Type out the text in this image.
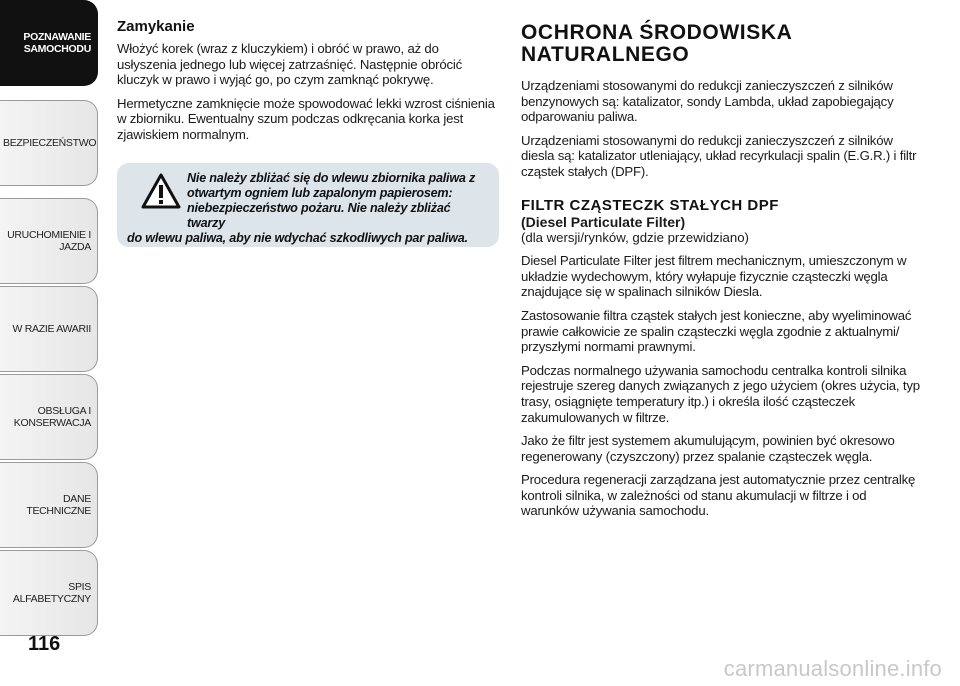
POZNAWANIE SAMOCHODU
BEZPIECZEŃSTWO
URUCHOMIENIE I JAZDA
W RAZIE AWARII
OBSŁUGA I KONSERWACJA
DANE TECHNICZNE
SPIS ALFABETYCZNY
116
Zamykanie

Włożyć korek (wraz z kluczykiem) i obróć w prawo, aż do usłyszenia jednego lub więcej zatrzaśnięć. Następnie obrócić kluczyk w prawo i wyjąć go, po czym zamknąć pokrywę.

Hermetyczne zamknięcie może spowodować lekki wzrost ciśnienia w zbiorniku. Ewentualny szum podczas odkręcania korka jest zjawiskiem normalnym.

Nie należy zbliżać się do wlewu zbiornika paliwa z otwartym ogniem lub zapalonym papierosem: niebezpieczeństwo pożaru. Nie należy zbliżać twarzy
do wlewu paliwa, aby nie wdychać szkodliwych par paliwa.
OCHRONA ŚRODOWISKA NATURALNEGO

Urządzeniami stosowanymi do redukcji zanieczyszczeń z silników benzynowych są: katalizator, sondy Lambda, układ zapobiegający odparowaniu paliwa.

Urządzeniami stosowanymi do redukcji zanieczyszczeń z silników diesla są: katalizator utleniający, układ recyrkulacji spalin (E.G.R.) i filtr cząstek stałych (DPF).

FILTR CZĄSTECZK STAŁYCH DPF
(Diesel Particulate Filter)
(dla wersji/rynków, gdzie przewidziano)

Diesel Particulate Filter jest filtrem mechanicznym, umieszczonym w układzie wydechowym, który wyłapuje fizycznie cząsteczki węgla znajdujące się w spalinach silników Diesla.

Zastosowanie filtra cząstek stałych jest konieczne, aby wyeliminować prawie całkowicie ze spalin cząsteczki węgla zgodnie z aktualnymi/ przyszłymi normami prawnymi.

Podczas normalnego używania samochodu centralka kontroli silnika rejestruje szereg danych związanych z jego użyciem (okres użycia, typ trasy, osiągnięte temperatury itp.) i określa ilość cząsteczek zakumulowanych w filtrze.

Jako że filtr jest systemem akumulującym, powinien być okresowo regenerowany (czyszczony) przez spalanie cząsteczek węgla.

Procedura regeneracji zarządzana jest automatycznie przez centralkę kontroli silnika, w zależności od stanu akumulacji w filtrze i od warunków używania samochodu.

carmanualsonline.info
